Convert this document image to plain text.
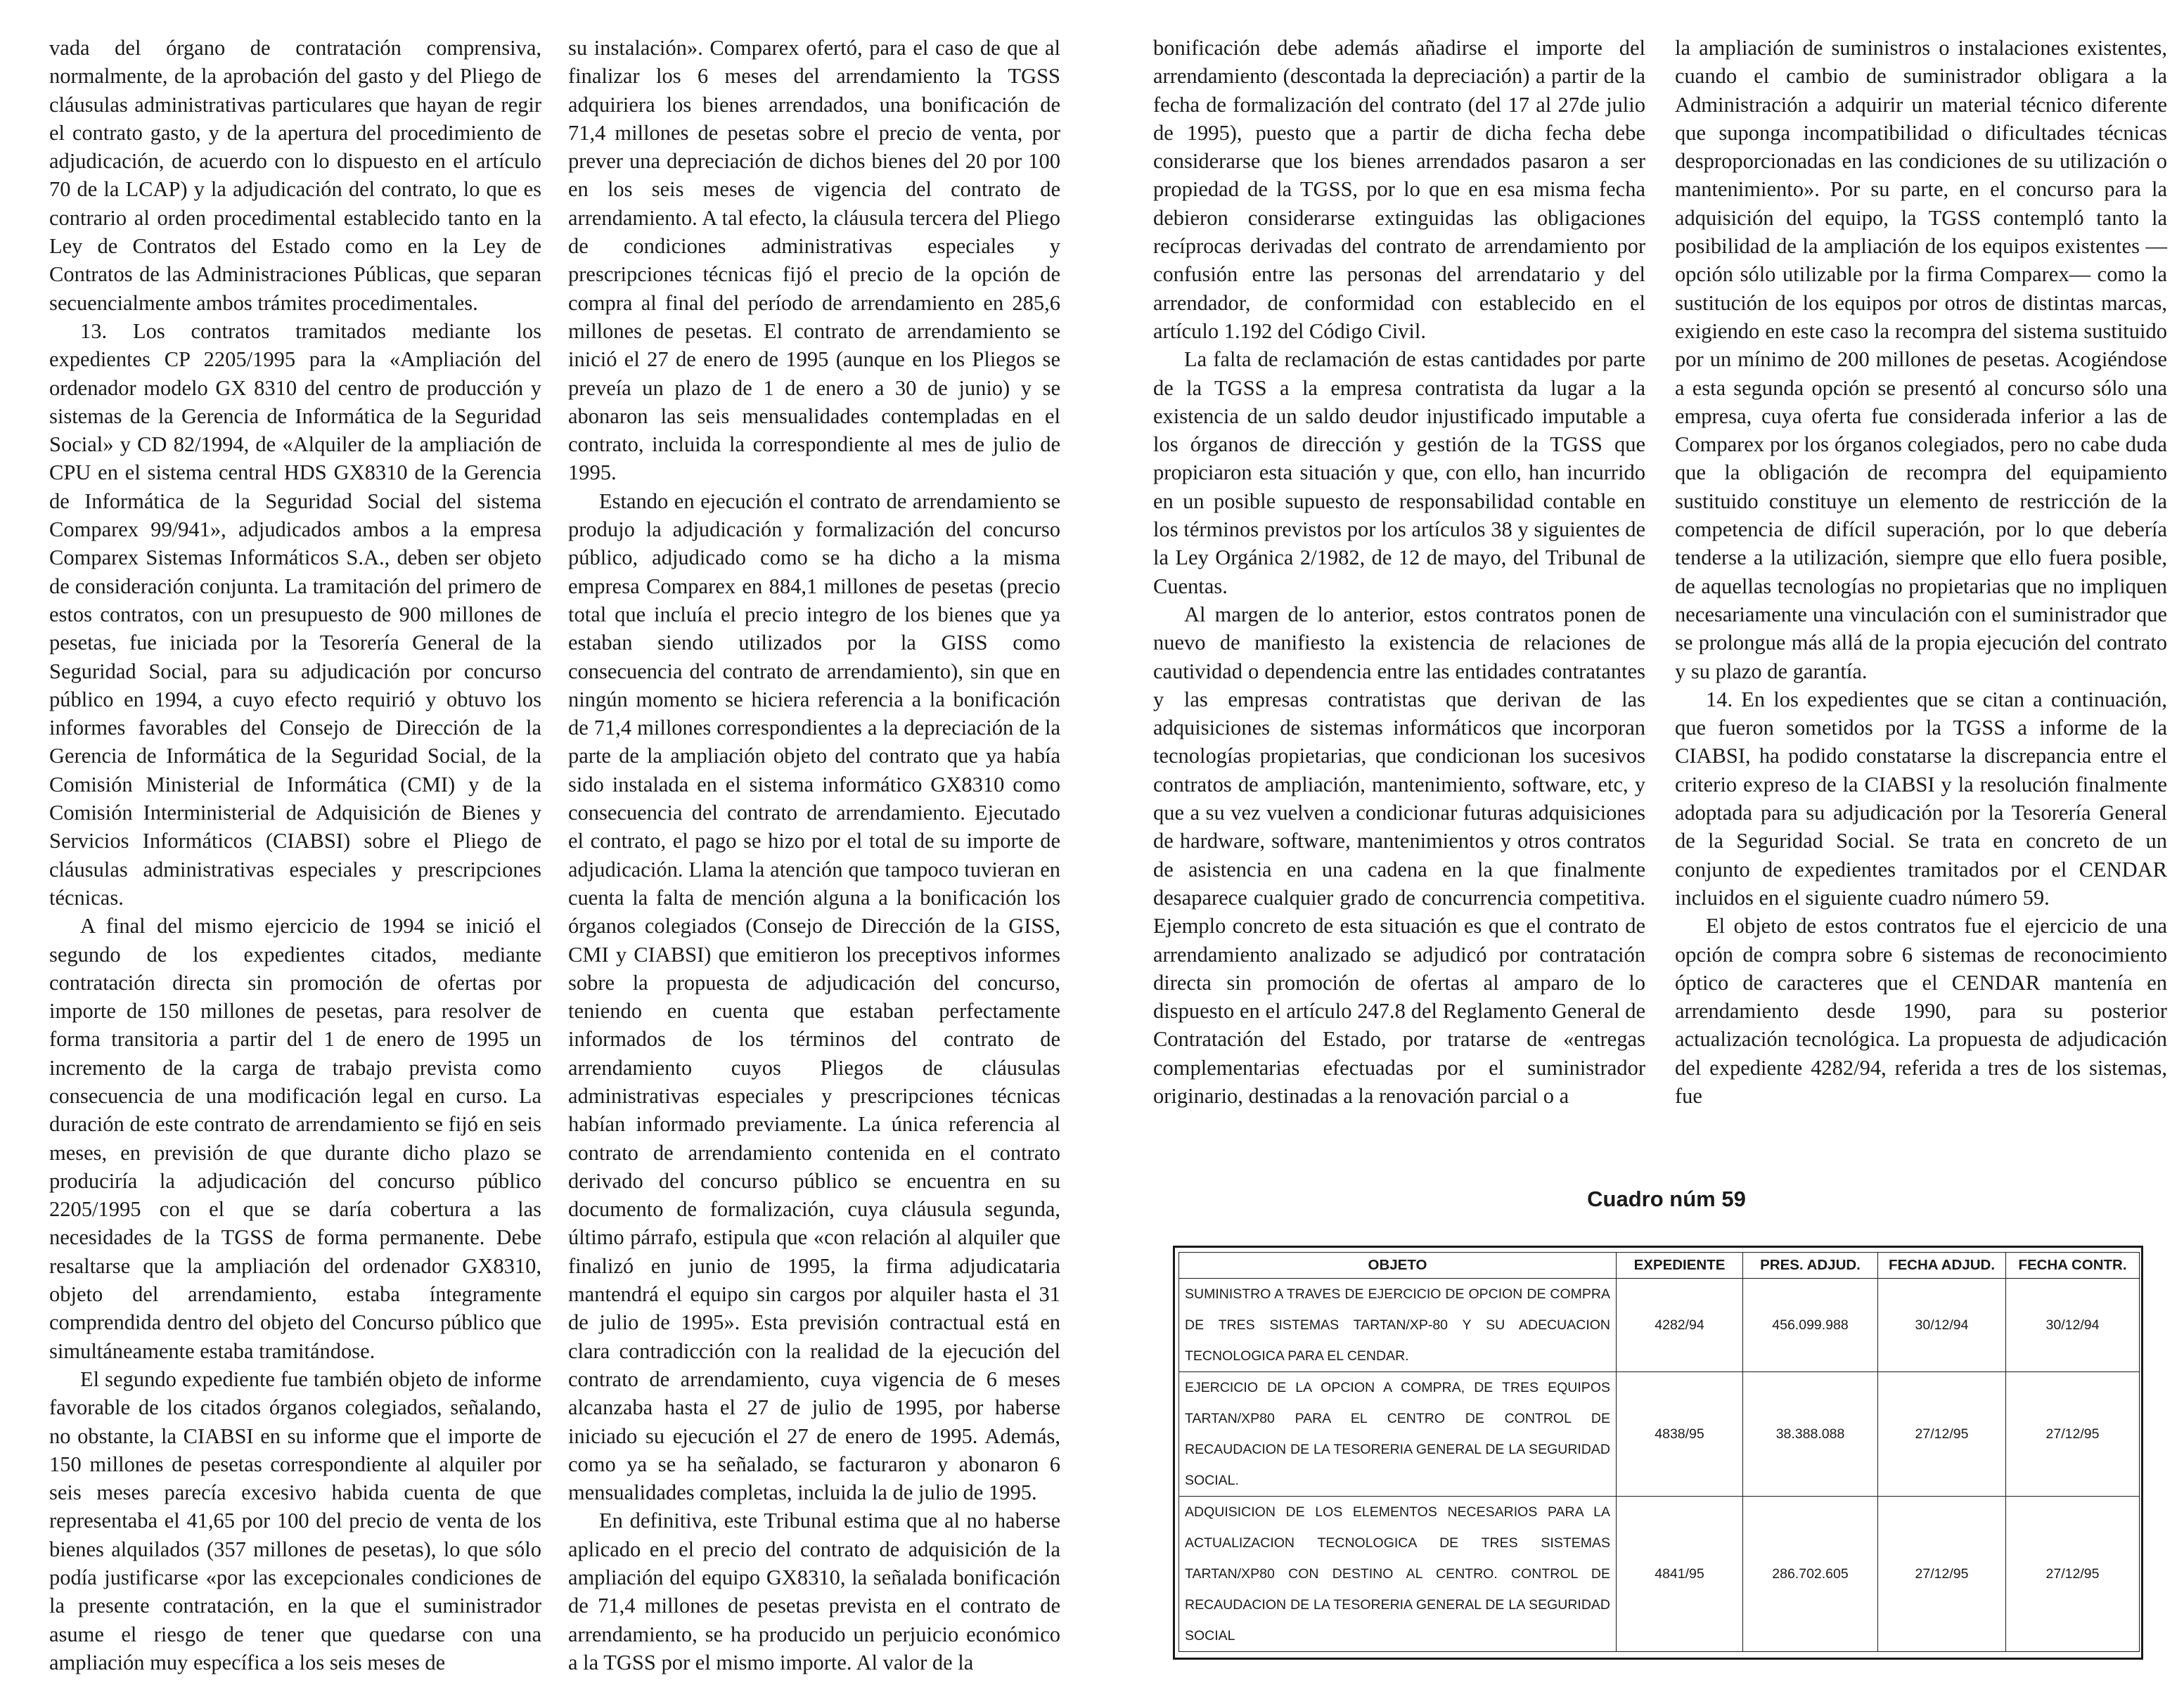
vada del órgano de contratación comprensiva, normalmente, de la aprobación del gasto y del Pliego de cláusulas administrativas particulares que hayan de regir el contrato gasto, y de la apertura del procedimiento de adjudicación, de acuerdo con lo dispuesto en el artículo 70 de la LCAP) y la adjudicación del contrato, lo que es contrario al orden procedimental establecido tanto en la Ley de Contratos del Estado como en la Ley de Contratos de las Administraciones Públicas, que separan secuencialmente ambos trámites procedimentales.

13. Los contratos tramitados mediante los expedientes CP 2205/1995 para la «Ampliación del ordenador modelo GX 8310 del centro de producción y sistemas de la Gerencia de Informática de la Seguridad Social» y CD 82/1994, de «Alquiler de la ampliación de CPU en el sistema central HDS GX8310 de la Gerencia de Informática de la Seguridad Social del sistema Comparex 99/941», adjudicados ambos a la empresa Comparex Sistemas Informáticos S.A., deben ser objeto de consideración conjunta. La tramitación del primero de estos contratos, con un presupuesto de 900 millones de pesetas, fue iniciada por la Tesorería General de la Seguridad Social, para su adjudicación por concurso público en 1994, a cuyo efecto requirió y obtuvo los informes favorables del Consejo de Dirección de la Gerencia de Informática de la Seguridad Social, de la Comisión Ministerial de Informática (CMI) y de la Comisión Interministerial de Adquisición de Bienes y Servicios Informáticos (CIABSI) sobre el Pliego de cláusulas administrativas especiales y prescripciones técnicas.

A final del mismo ejercicio de 1994 se inició el segundo de los expedientes citados, mediante contratación directa sin promoción de ofertas por importe de 150 millones de pesetas, para resolver de forma transitoria a partir del 1 de enero de 1995 un incremento de la carga de trabajo prevista como consecuencia de una modificación legal en curso. La duración de este contrato de arrendamiento se fijó en seis meses, en previsión de que durante dicho plazo se produciría la adjudicación del concurso público 2205/1995 con el que se daría cobertura a las necesidades de la TGSS de forma permanente. Debe resaltarse que la ampliación del ordenador GX8310, objeto del arrendamiento, estaba íntegramente comprendida dentro del objeto del Concurso público que simultáneamente estaba tramitándose.

El segundo expediente fue también objeto de informe favorable de los citados órganos colegiados, señalando, no obstante, la CIABSI en su informe que el importe de 150 millones de pesetas correspondiente al alquiler por seis meses parecía excesivo habida cuenta de que representaba el 41,65 por 100 del precio de venta de los bienes alquilados (357 millones de pesetas), lo que sólo podía justificarse «por las excepcionales condiciones de la presente contratación, en la que el suministrador asume el riesgo de tener que quedarse con una ampliación muy específica a los seis meses de

su instalación». Comparex ofertó, para el caso de que al finalizar los 6 meses del arrendamiento la TGSS adquiriera los bienes arrendados, una bonificación de 71,4 millones de pesetas sobre el precio de venta, por prever una depreciación de dichos bienes del 20 por 100 en los seis meses de vigencia del contrato de arrendamiento. A tal efecto, la cláusula tercera del Pliego de condiciones administrativas especiales y prescripciones técnicas fijó el precio de la opción de compra al final del período de arrendamiento en 285,6 millones de pesetas. El contrato de arrendamiento se inició el 27 de enero de 1995 (aunque en los Pliegos se preveía un plazo de 1 de enero a 30 de junio) y se abonaron las seis mensualidades contempladas en el contrato, incluida la correspondiente al mes de julio de 1995.

Estando en ejecución el contrato de arrendamiento se produjo la adjudicación y formalización del concurso público, adjudicado como se ha dicho a la misma empresa Comparex en 884,1 millones de pesetas (precio total que incluía el precio integro de los bienes que ya estaban siendo utilizados por la GISS como consecuencia del contrato de arrendamiento), sin que en ningún momento se hiciera referencia a la bonificación de 71,4 millones correspondientes a la depreciación de la parte de la ampliación objeto del contrato que ya había sido instalada en el sistema informático GX8310 como consecuencia del contrato de arrendamiento. Ejecutado el contrato, el pago se hizo por el total de su importe de adjudicación. Llama la atención que tampoco tuvieran en cuenta la falta de mención alguna a la bonificación los órganos colegiados (Consejo de Dirección de la GISS, CMI y CIABSI) que emitieron los preceptivos informes sobre la propuesta de adjudicación del concurso, teniendo en cuenta que estaban perfectamente informados de los términos del contrato de arrendamiento cuyos Pliegos de cláusulas administrativas especiales y prescripciones técnicas habían informado previamente. La única referencia al contrato de arrendamiento contenida en el contrato derivado del concurso público se encuentra en su documento de formalización, cuya cláusula segunda, último párrafo, estipula que «con relación al alquiler que finalizó en junio de 1995, la firma adjudicataria mantendrá el equipo sin cargos por alquiler hasta el 31 de julio de 1995». Esta previsión contractual está en clara contradicción con la realidad de la ejecución del contrato de arrendamiento, cuya vigencia de 6 meses alcanzaba hasta el 27 de julio de 1995, por haberse iniciado su ejecución el 27 de enero de 1995. Además, como ya se ha señalado, se facturaron y abonaron 6 mensualidades completas, incluida la de julio de 1995.

En definitiva, este Tribunal estima que al no haberse aplicado en el precio del contrato de adquisición de la ampliación del equipo GX8310, la señalada bonificación de 71,4 millones de pesetas prevista en el contrato de arrendamiento, se ha producido un perjuicio económico a la TGSS por el mismo importe. Al valor de la

bonificación debe además añadirse el importe del arrendamiento (descontada la depreciación) a partir de la fecha de formalización del contrato (del 17 al 27de julio de 1995), puesto que a partir de dicha fecha debe considerarse que los bienes arrendados pasaron a ser propiedad de la TGSS, por lo que en esa misma fecha debieron considerarse extinguidas las obligaciones recíprocas derivadas del contrato de arrendamiento por confusión entre las personas del arrendatario y del arrendador, de conformidad con establecido en el artículo 1.192 del Código Civil.

La falta de reclamación de estas cantidades por parte de la TGSS a la empresa contratista da lugar a la existencia de un saldo deudor injustificado imputable a los órganos de dirección y gestión de la TGSS que propiciaron esta situación y que, con ello, han incurrido en un posible supuesto de responsabilidad contable en los términos previstos por los artículos 38 y siguientes de la Ley Orgánica 2/1982, de 12 de mayo, del Tribunal de Cuentas.

Al margen de lo anterior, estos contratos ponen de nuevo de manifiesto la existencia de relaciones de cautividad o dependencia entre las entidades contratantes y las empresas contratistas que derivan de las adquisiciones de sistemas informáticos que incorporan tecnologías propietarias, que condicionan los sucesivos contratos de ampliación, mantenimiento, software, etc, y que a su vez vuelven a condicionar futuras adquisiciones de hardware, software, mantenimientos y otros contratos de asistencia en una cadena en la que finalmente desaparece cualquier grado de concurrencia competitiva. Ejemplo concreto de esta situación es que el contrato de arrendamiento analizado se adjudicó por contratación directa sin promoción de ofertas al amparo de lo dispuesto en el artículo 247.8 del Reglamento General de Contratación del Estado, por tratarse de «entregas complementarias efectuadas por el suministrador originario, destinadas a la renovación parcial o a

la ampliación de suministros o instalaciones existentes, cuando el cambio de suministrador obligara a la Administración a adquirir un material técnico diferente que suponga incompatibilidad o dificultades técnicas desproporcionadas en las condiciones de su utilización o mantenimiento». Por su parte, en el concurso para la adquisición del equipo, la TGSS contempló tanto la posibilidad de la ampliación de los equipos existentes —opción sólo utilizable por la firma Comparex— como la sustitución de los equipos por otros de distintas marcas, exigiendo en este caso la recompra del sistema sustituido por un mínimo de 200 millones de pesetas. Acogiéndose a esta segunda opción se presentó al concurso sólo una empresa, cuya oferta fue considerada inferior a las de Comparex por los órganos colegiados, pero no cabe duda que la obligación de recompra del equipamiento sustituido constituye un elemento de restricción de la competencia de difícil superación, por lo que debería tenderse a la utilización, siempre que ello fuera posible, de aquellas tecnologías no propietarias que no impliquen necesariamente una vinculación con el suministrador que se prolongue más allá de la propia ejecución del contrato y su plazo de garantía.

14. En los expedientes que se citan a continuación, que fueron sometidos por la TGSS a informe de la CIABSI, ha podido constatarse la discrepancia entre el criterio expreso de la CIABSI y la resolución finalmente adoptada para su adjudicación por la Tesorería General de la Seguridad Social. Se trata en concreto de un conjunto de expedientes tramitados por el CENDAR incluidos en el siguiente cuadro número 59.

El objeto de estos contratos fue el ejercicio de una opción de compra sobre 6 sistemas de reconocimiento óptico de caracteres que el CENDAR mantenía en arrendamiento desde 1990, para su posterior actualización tecnológica. La propuesta de adjudicación del expediente 4282/94, referida a tres de los sistemas, fue

Cuadro núm 59
OBJETO	EXPEDIENTE	PRES. ADJUD.	FECHA ADJUD.	FECHA CONTR.
SUMINISTRO A TRAVES DE EJERCICIO DE OPCION DE COMPRA DE TRES SISTEMAS TARTAN/XP-80 Y SU ADECUACION TECNOLOGICA PARA EL CENDAR.	4282/94	456.099.988	30/12/94	30/12/94
EJERCICIO DE LA OPCION A COMPRA, DE TRES EQUIPOS TARTAN/XP80 PARA EL CENTRO DE CONTROL DE RECAUDACION DE LA TESORERIA GENERAL DE LA SEGURIDAD SOCIAL.	4838/95	38.388.088	27/12/95	27/12/95
ADQUISICION DE LOS ELEMENTOS NECESARIOS PARA LA ACTUALIZACION TECNOLOGICA DE TRES SISTEMAS TARTAN/XP80 CON DESTINO AL CENTRO. CONTROL DE RECAUDACION DE LA TESORERIA GENERAL DE LA SEGURIDAD SOCIAL	4841/95	286.702.605	27/12/95	27/12/95
